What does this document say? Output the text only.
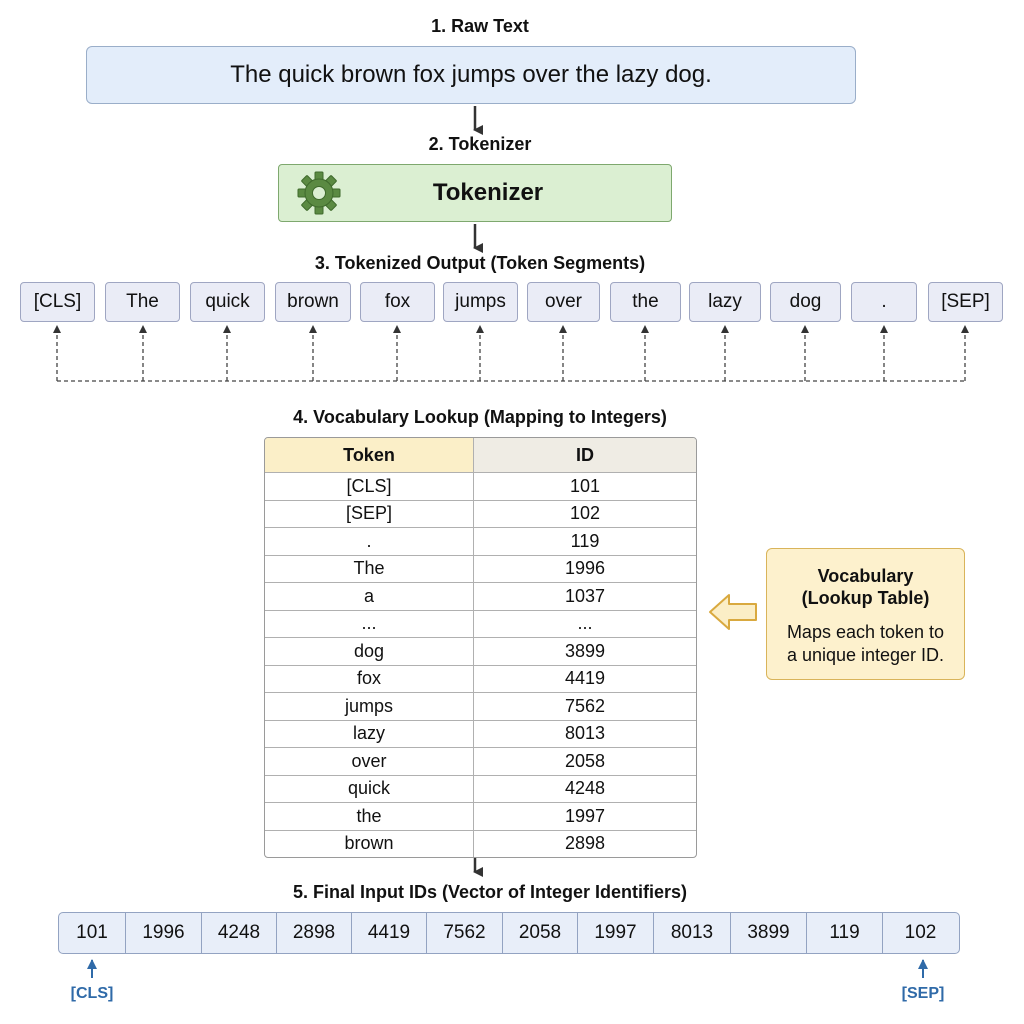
1. Raw Text
The quick brown fox jumps over the lazy dog.
2. Tokenizer
Tokenizer
3. Tokenized Output (Token Segments)
[CLS]	The	quick	brown	fox	jumps	over	the	lazy	dog	.	[SEP]
4. Vocabulary Lookup (Mapping to Integers)
Token	ID
[CLS]	101
[SEP]	102
.	119
The	1996
a	1037
...	...
dog	3899
fox	4419
jumps	7562
lazy	8013
over	2058
quick	4248
the	1997
brown	2898
Vocabulary
(Lookup Table)
Maps each token to
a unique integer ID.
5. Final Input IDs (Vector of Integer Identifiers)
101	1996	4248	2898	4419	7562	2058	1997	8013	3899	119	102
[CLS]	[SEP]
